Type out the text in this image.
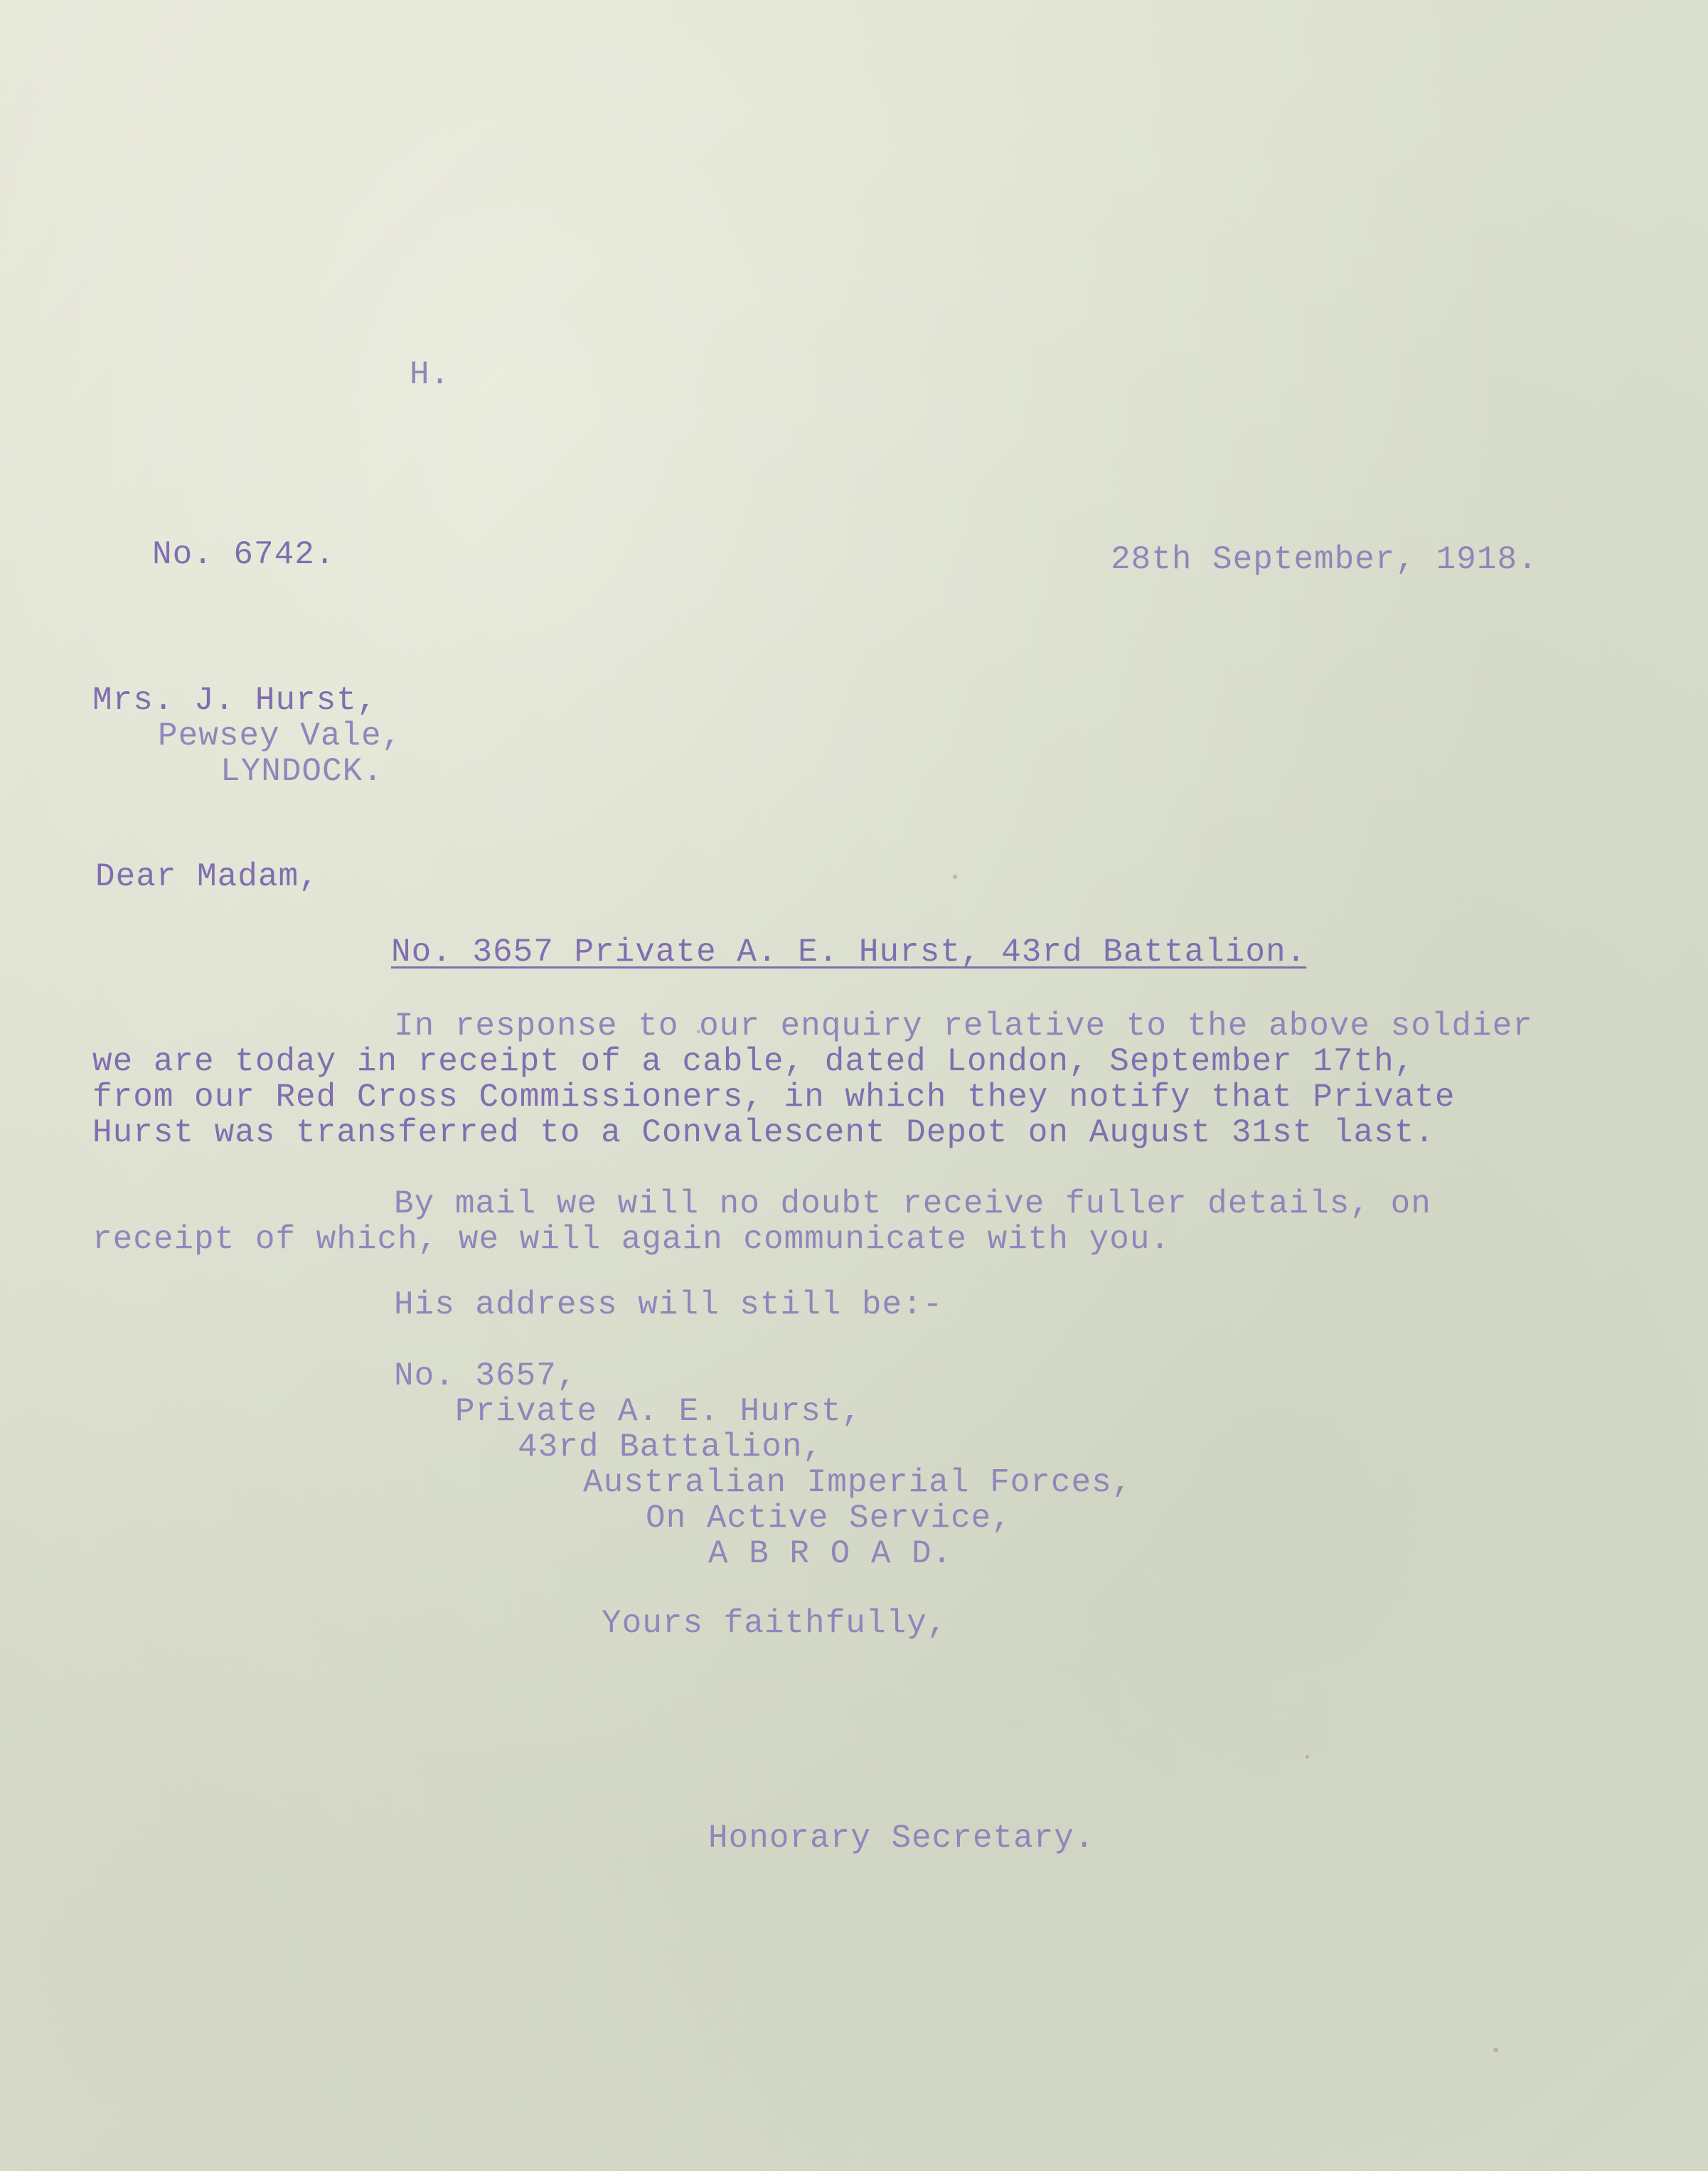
H.
No. 6742.	28th September, 1918.
Mrs. J. Hurst,
Pewsey Vale,
LYNDOCK.
Dear Madam,
No. 3657 Private A. E. Hurst, 43rd Battalion.
In response to our enquiry relative to the above soldier
we are today in receipt of a cable, dated London, September 17th,
from our Red Cross Commissioners, in which they notify that Private
Hurst was transferred to a Convalescent Depot on August 31st last.
By mail we will no doubt receive fuller details, on
receipt of which, we will again communicate with you.
His address will still be:-
No. 3657,
Private A. E. Hurst,
43rd Battalion,
Australian Imperial Forces,
On Active Service,
A B R O A D.
Yours faithfully,
Honorary Secretary.
